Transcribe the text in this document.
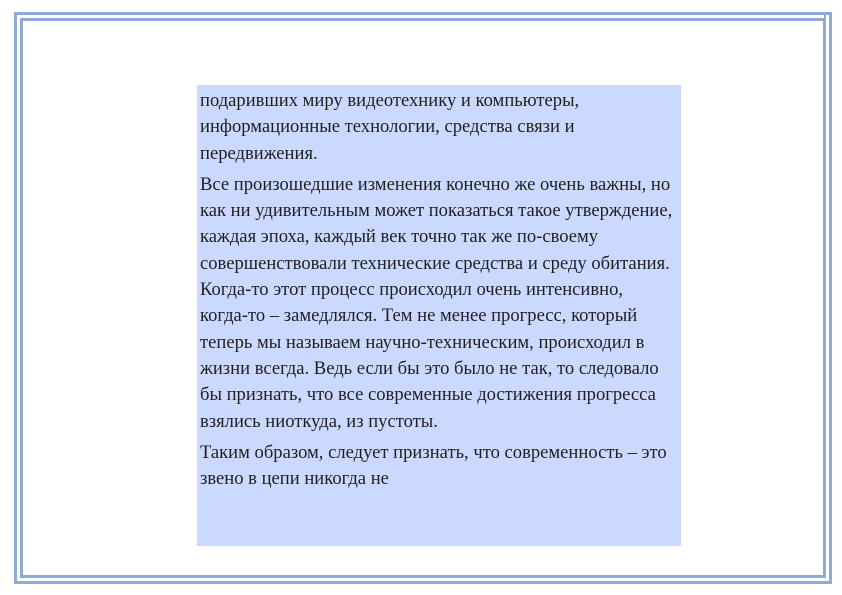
подаривших миру видеотехнику и компьютеры, информационные технологии, средства связи и передвижения.

Все произошедшие изменения конечно же очень важны, но как ни удивительным может показаться такое утверждение, каждая эпоха, каждый век точно так же по-своему совершенствовали технические средства и среду обитания. Когда-то этот процесс происходил очень интенсивно, когда-то – замедлялся. Тем не менее прогресс, который теперь мы называем научно-техническим, происходил в жизни всегда. Ведь если бы это было не так, то следовало бы признать, что все современные достижения прогресса взялись ниоткуда, из пустоты.

Таким образом, следует признать, что современность – это звено в цепи никогда не
